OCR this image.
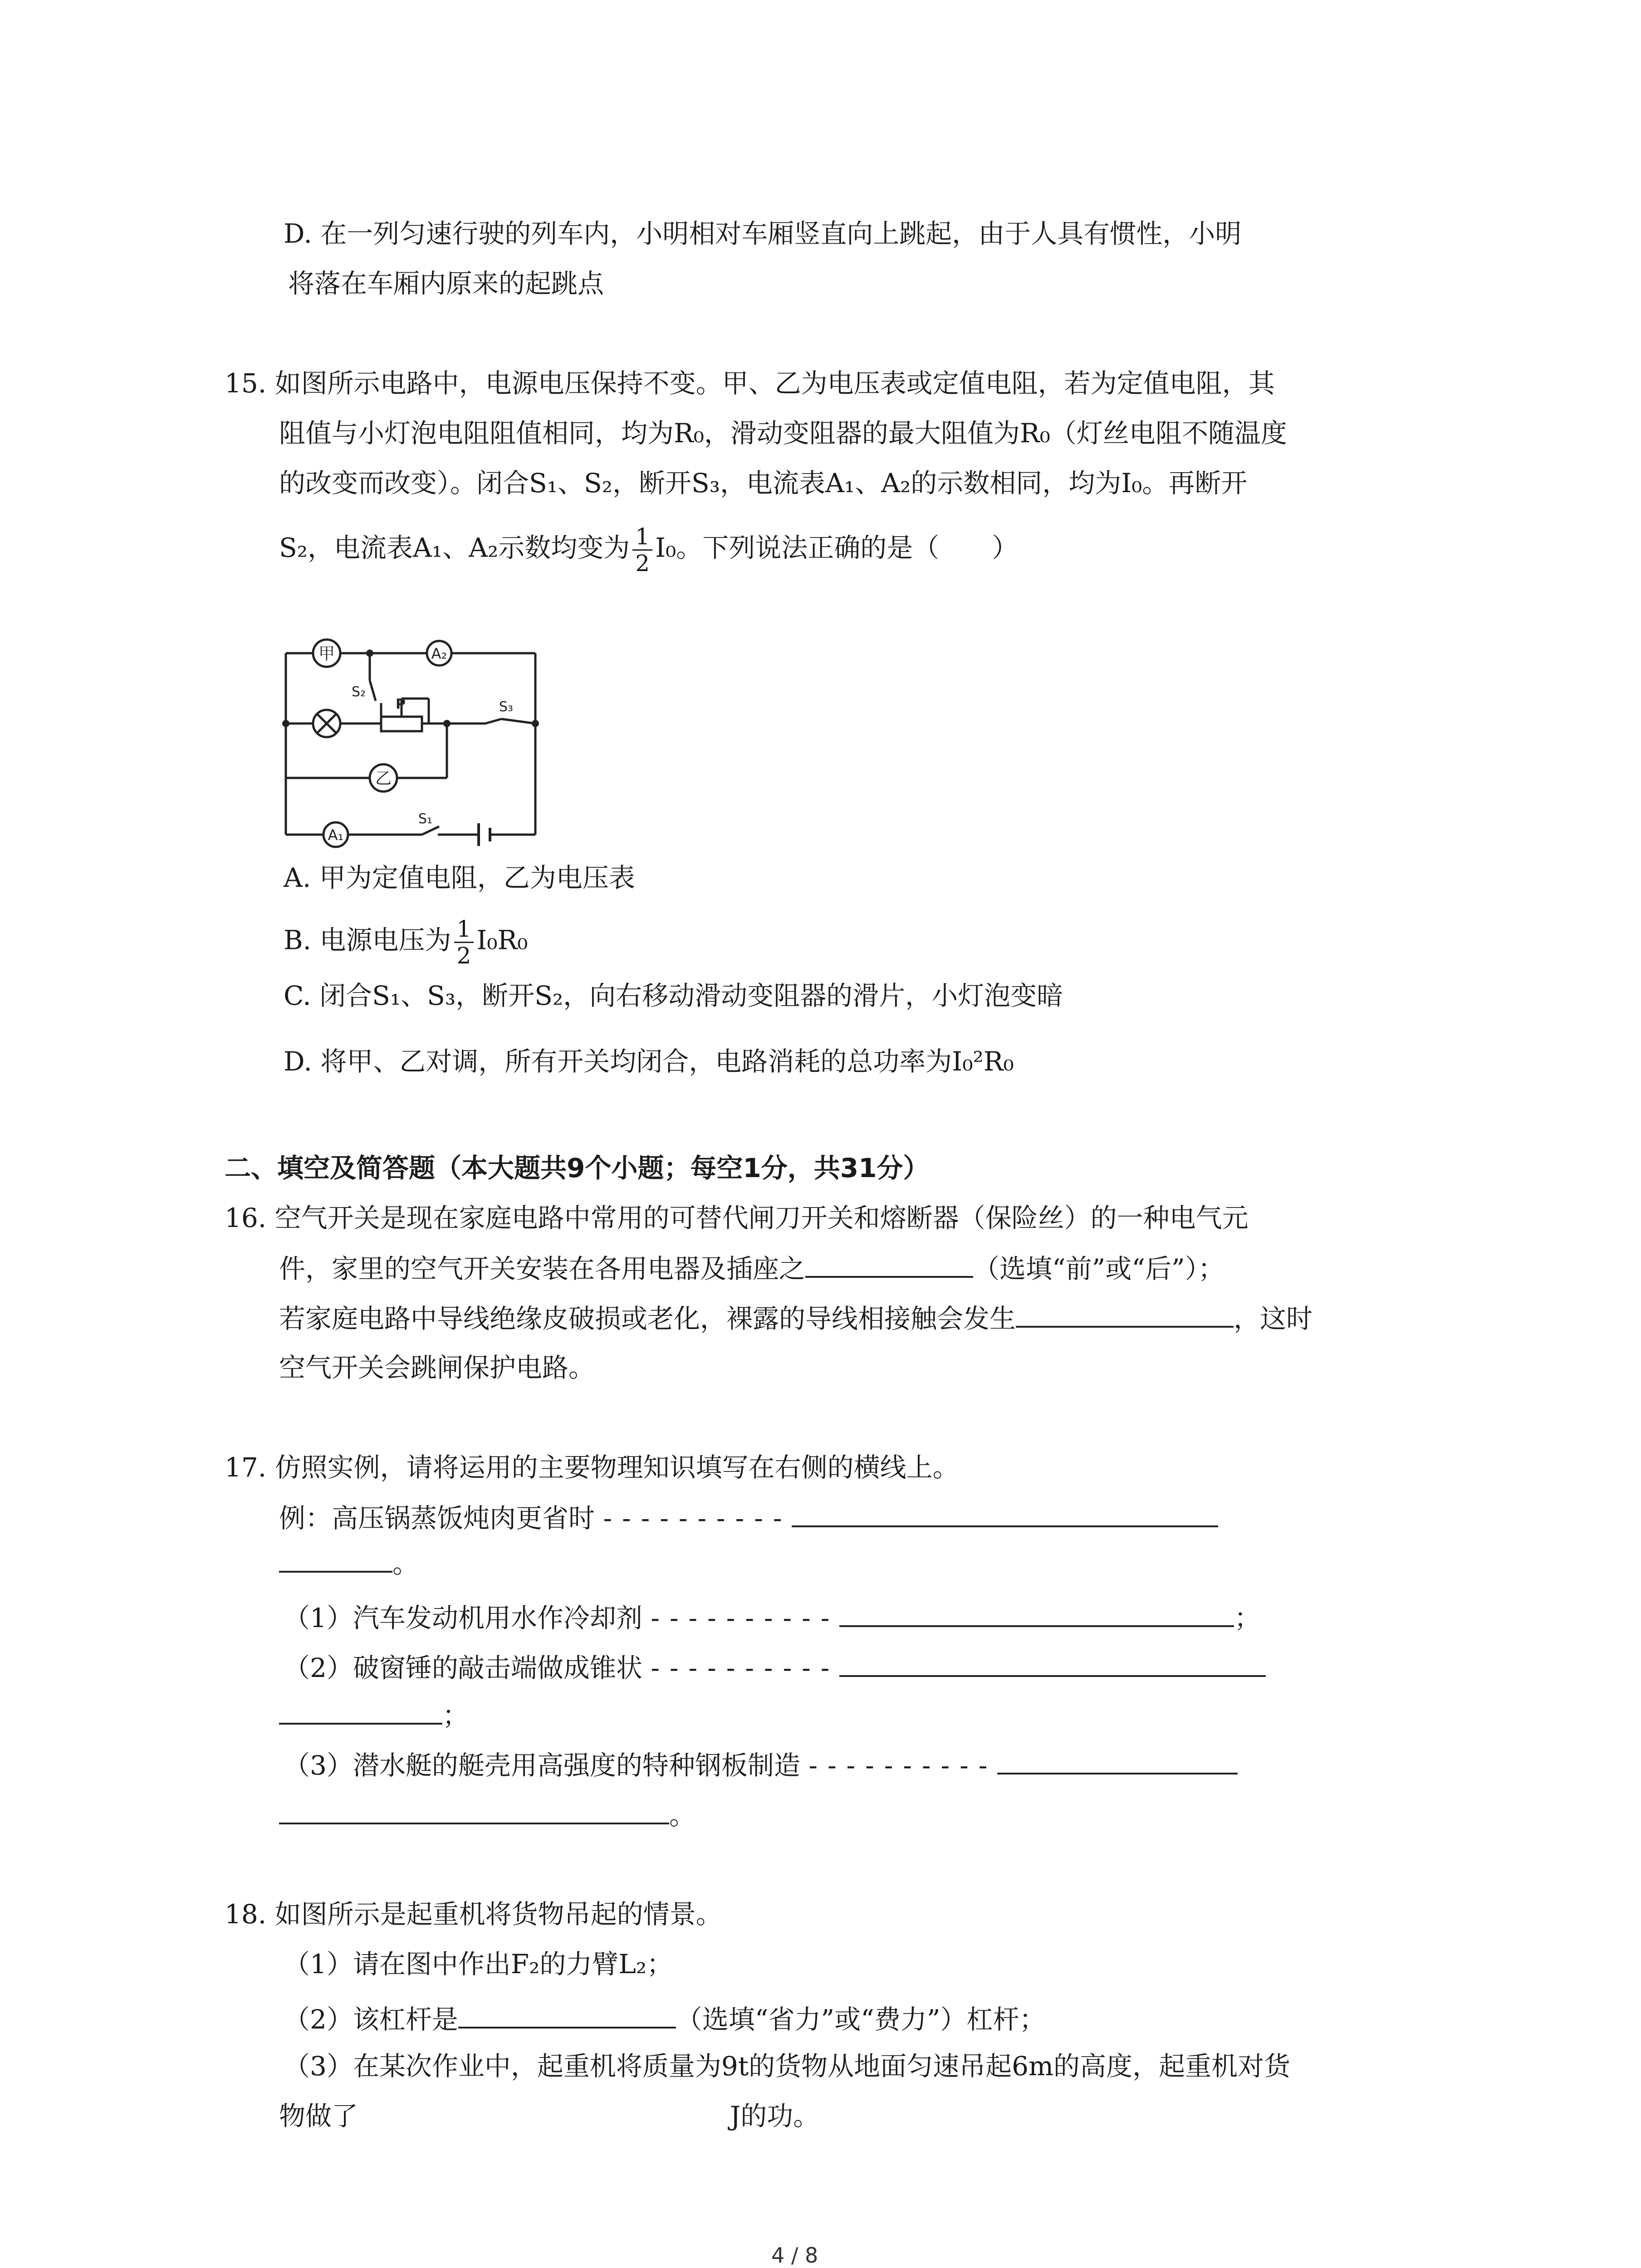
D. 在一列匀速行驶的列车内，小明相对车厢竖直向上跳起，由于人具有惯性，小明
将落在车厢内原来的起跳点
15. 如图所示电路中，电源电压保持不变。甲、乙为电压表或定值电阻，若为定值电阻，其
阻值与小灯泡电阻阻值相同，均为R₀，滑动变阻器的最大阻值为R₀（灯丝电阻不随温度
的改变而改变）。闭合S₁、S₂，断开S₃，电流表A₁、A₂的示数相同，均为I₀。再断开
S₂，电流表A₁、A₂示数均变为 $\frac{1}{2} I_0$。下列说法正确的是（　　）
甲	A₂
乙
A₁
S₂
P	S₃
S₁
A. 甲为定值电阻，乙为电压表
B. 电源电压为 $\frac{1}{2} I_0R_0$
C. 闭合S₁、S₃，断开S₂，向右移动滑动变阻器的滑片，小灯泡变暗
D. 将甲、乙对调，所有开关均闭合，电路消耗的总功率为I₀²R₀
二、填空及简答题（本大题共9个小题；每空1分，共31分）
16. 空气开关是现在家庭电路中常用的可替代闸刀开关和熔断器（保险丝）的一种电气元
件，家里的空气开关安装在各用电器及插座之	（选填“前”或“后”）；
若家庭电路中导线绝缘皮破损或老化，裸露的导线相接触会发生	，这时
空气开关会跳闸保护电路。
17. 仿照实例，请将运用的主要物理知识填写在右侧的横线上。
例：高压锅蒸饭炖肉更省时 ----------
。
（1）汽车发动机用水作冷却剂 ----------	；
（2）破窗锤的敲击端做成锥状 ----------
；
（3）潜水艇的艇壳用高强度的特种钢板制造 ----------
。
18. 如图所示是起重机将货物吊起的情景。
（1）请在图中作出F₂的力臂L₂；
（2）该杠杆是	（选填“省力”或“费力”）杠杆；
（3）在某次作业中，起重机将质量为9t的货物从地面匀速吊起6m的高度，起重机对货
物做了	J的功。
4 / 8
